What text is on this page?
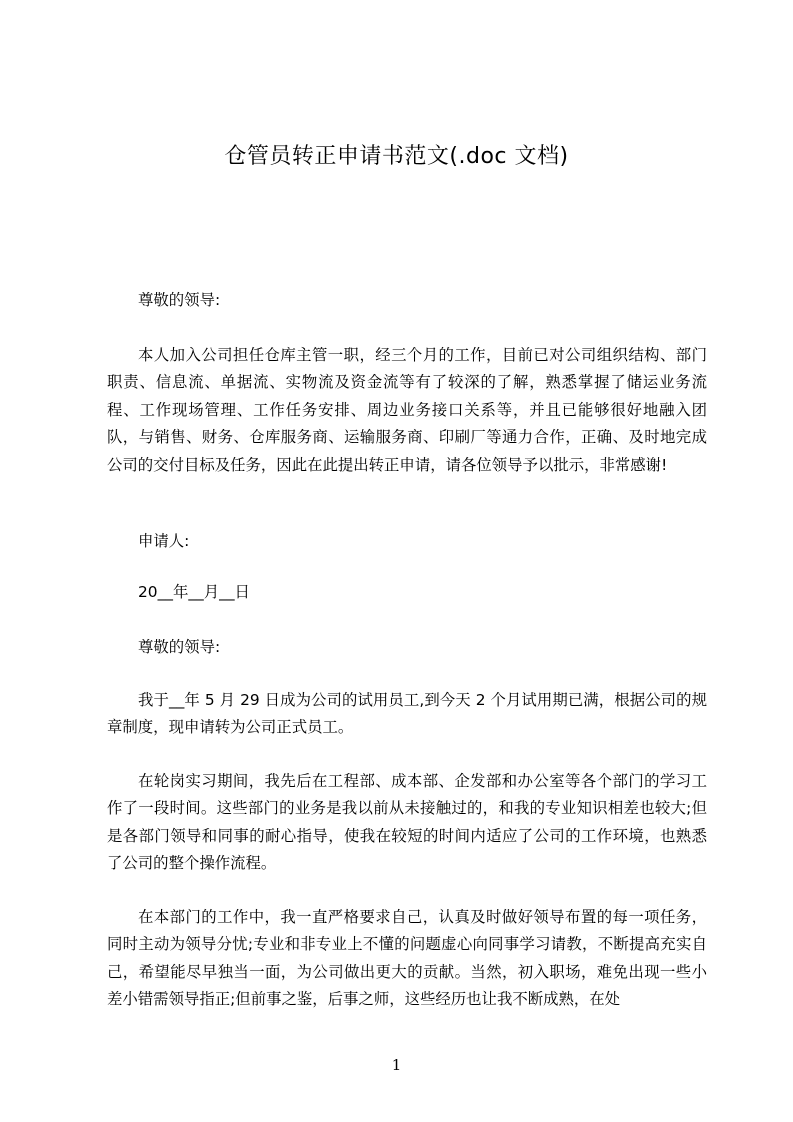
仓管员转正申请书范文(.doc 文档)

尊敬的领导:

本人加入公司担任仓库主管一职，经三个月的工作，目前已对公司组织结构、部门职责、信息流、单据流、实物流及资金流等有了较深的了解，熟悉掌握了储运业务流程、工作现场管理、工作任务安排、周边业务接口关系等，并且已能够很好地融入团队，与销售、财务、仓库服务商、运输服务商、印刷厂等通力合作，正确、及时地完成公司的交付目标及任务，因此在此提出转正申请，请各位领导予以批示，非常感谢!

申请人:

20__年__月__日

尊敬的领导:

我于__年 5 月 29 日成为公司的试用员工,到今天 2 个月试用期已满，根据公司的规章制度，现申请转为公司正式员工。

在轮岗实习期间，我先后在工程部、成本部、企发部和办公室等各个部门的学习工作了一段时间。这些部门的业务是我以前从未接触过的，和我的专业知识相差也较大;但是各部门领导和同事的耐心指导，使我在较短的时间内适应了公司的工作环境，也熟悉了公司的整个操作流程。

在本部门的工作中，我一直严格要求自己，认真及时做好领导布置的每一项任务，同时主动为领导分忧;专业和非专业上不懂的问题虚心向同事学习请教，不断提高充实自己，希望能尽早独当一面，为公司做出更大的贡献。当然，初入职场，难免出现一些小差小错需领导指正;但前事之鉴，后事之师，这些经历也让我不断成熟，在处

1
